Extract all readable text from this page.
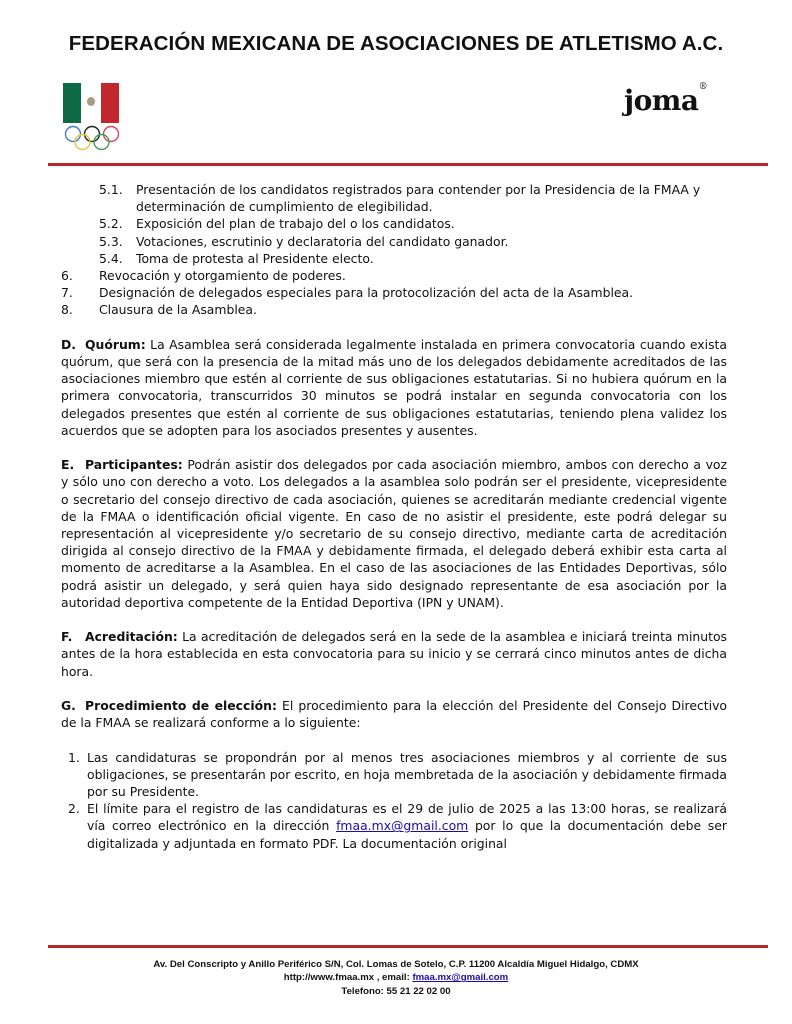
FEDERACIÓN MEXICANA DE ASOCIACIONES DE ATLETISMO A.C.
joma®
5.1.	Presentación de los candidatos registrados para contender por la Presidencia de la FMAA y determinación de cumplimiento de elegibilidad.
5.2.	Exposición del plan de trabajo del o los candidatos.
5.3.	Votaciones, escrutinio y declaratoria del candidato ganador.
5.4.	Toma de protesta al Presidente electo.
6.	Revocación y otorgamiento de poderes.
7.	Designación de delegados especiales para la protocolización del acta de la Asamblea.
8.	Clausura de la Asamblea.

D. Quórum: La Asamblea será considerada legalmente instalada en primera convocatoria cuando exista quórum, que será con la presencia de la mitad más uno de los delegados debidamente acreditados de las asociaciones miembro que estén al corriente de sus obligaciones estatutarias. Si no hubiera quórum en la primera convocatoria, transcurridos 30 minutos se podrá instalar en segunda convocatoria con los delegados presentes que estén al corriente de sus obligaciones estatutarias, teniendo plena validez los acuerdos que se adopten para los asociados presentes y ausentes.

E. Participantes: Podrán asistir dos delegados por cada asociación miembro, ambos con derecho a voz y sólo uno con derecho a voto. Los delegados a la asamblea solo podrán ser el presidente, vicepresidente o secretario del consejo directivo de cada asociación, quienes se acreditarán mediante credencial vigente de la FMAA o identificación oficial vigente. En caso de no asistir el presidente, este podrá delegar su representación al vicepresidente y/o secretario de su consejo directivo, mediante carta de acreditación dirigida al consejo directivo de la FMAA y debidamente firmada, el delegado deberá exhibir esta carta al momento de acreditarse a la Asamblea. En el caso de las asociaciones de las Entidades Deportivas, sólo podrá asistir un delegado, y será quien haya sido designado representante de esa asociación por la autoridad deportiva competente de la Entidad Deportiva (IPN y UNAM).

F. Acreditación: La acreditación de delegados será en la sede de la asamblea e iniciará treinta minutos antes de la hora establecida en esta convocatoria para su inicio y se cerrará cinco minutos antes de dicha hora.

G. Procedimiento de elección: El procedimiento para la elección del Presidente del Consejo Directivo de la FMAA se realizará conforme a lo siguiente:

1. Las candidaturas se propondrán por al menos tres asociaciones miembros y al corriente de sus obligaciones, se presentarán por escrito, en hoja membretada de la asociación y debidamente firmada por su Presidente.
2. El límite para el registro de las candidaturas es el 29 de julio de 2025 a las 13:00 horas, se realizará vía correo electrónico en la dirección fmaa.mx@gmail.com por lo que la documentación debe ser digitalizada y adjuntada en formato PDF. La documentación original
Av. Del Conscripto y Anillo Periférico S/N, Col. Lomas de Sotelo, C.P. 11200 Alcaldía Miguel Hidalgo, CDMX
http://www.fmaa.mx , email: fmaa.mx@gmail.com
Telefono: 55 21 22 02 00
